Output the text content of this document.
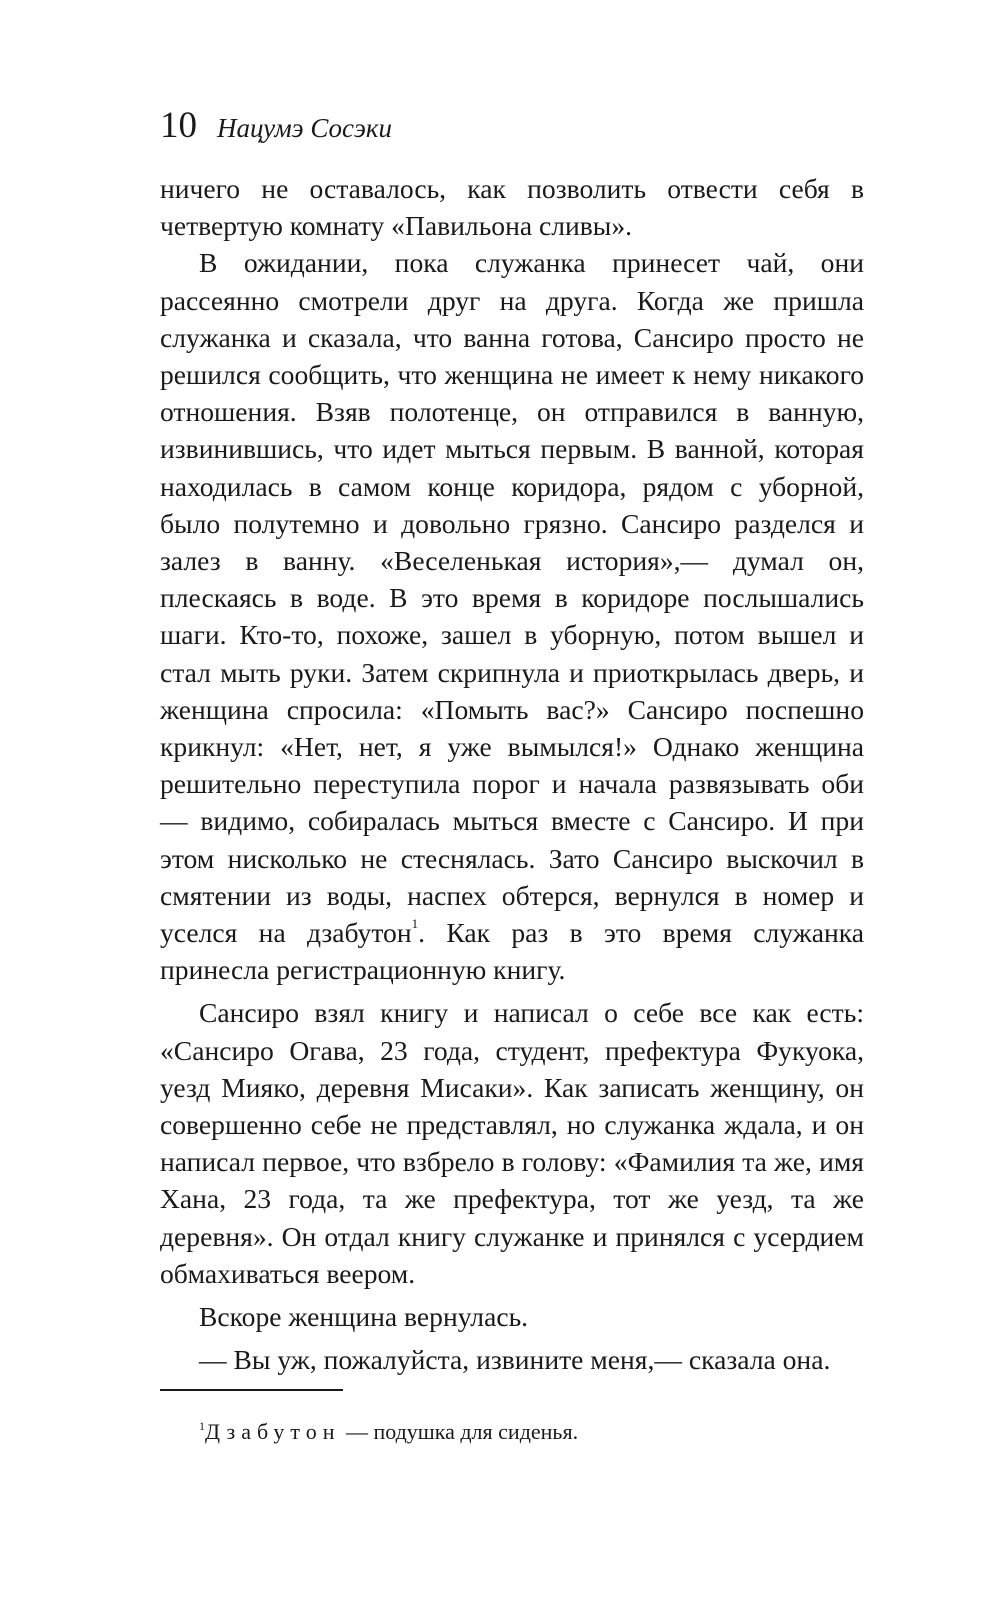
10 Нацумэ Сосэки

ничего не оставалось, как позволить отвести себя в четвертую комнату «Павильона сливы».

В ожидании, пока служанка принесет чай, они рассеянно смотрели друг на друга. Когда же пришла служанка и сказала, что ванна готова, Сансиро просто не решился сообщить, что женщина не имеет к нему никакого отношения. Взяв полотенце, он отправился в ванную, извинившись, что идет мыться первым. В ванной, которая находилась в самом конце коридора, рядом с уборной, было полутемно и довольно грязно. Сансиро разделся и залез в ванну. «Веселенькая история»,— думал он, плескаясь в воде. В это время в коридоре послышались шаги. Кто-то, похоже, зашел в уборную, потом вышел и стал мыть руки. Затем скрипнула и приоткрылась дверь, и женщина спросила: «Помыть вас?» Сансиро поспешно крикнул: «Нет, нет, я уже вымылся!» Однако женщина решительно переступила порог и начала развязывать оби — видимо, собиралась мыться вместе с Сансиро. И при этом нисколько не стеснялась. Зато Сансиро выскочил в смятении из воды, наспех обтерся, вернулся в номер и уселся на дзабутон$^1$. Как раз в это время служанка принесла регистрационную книгу.

Сансиро взял книгу и написал о себе все как есть: «Сансиро Огава, 23 года, студент, префектура Фукуока, уезд Мияко, деревня Мисаки». Как записать женщину, он совершенно себе не представлял, но служанка ждала, и он написал первое, что взбрело в голову: «Фамилия та же, имя Хана, 23 года, та же префектура, тот же уезд, та же деревня». Он отдал книгу служанке и принялся с усердием обмахиваться веером.

Вскоре женщина вернулась.

— Вы уж, пожалуйста, извините меня,— сказала она.

$^1$Дзабутон — подушка для сиденья.
